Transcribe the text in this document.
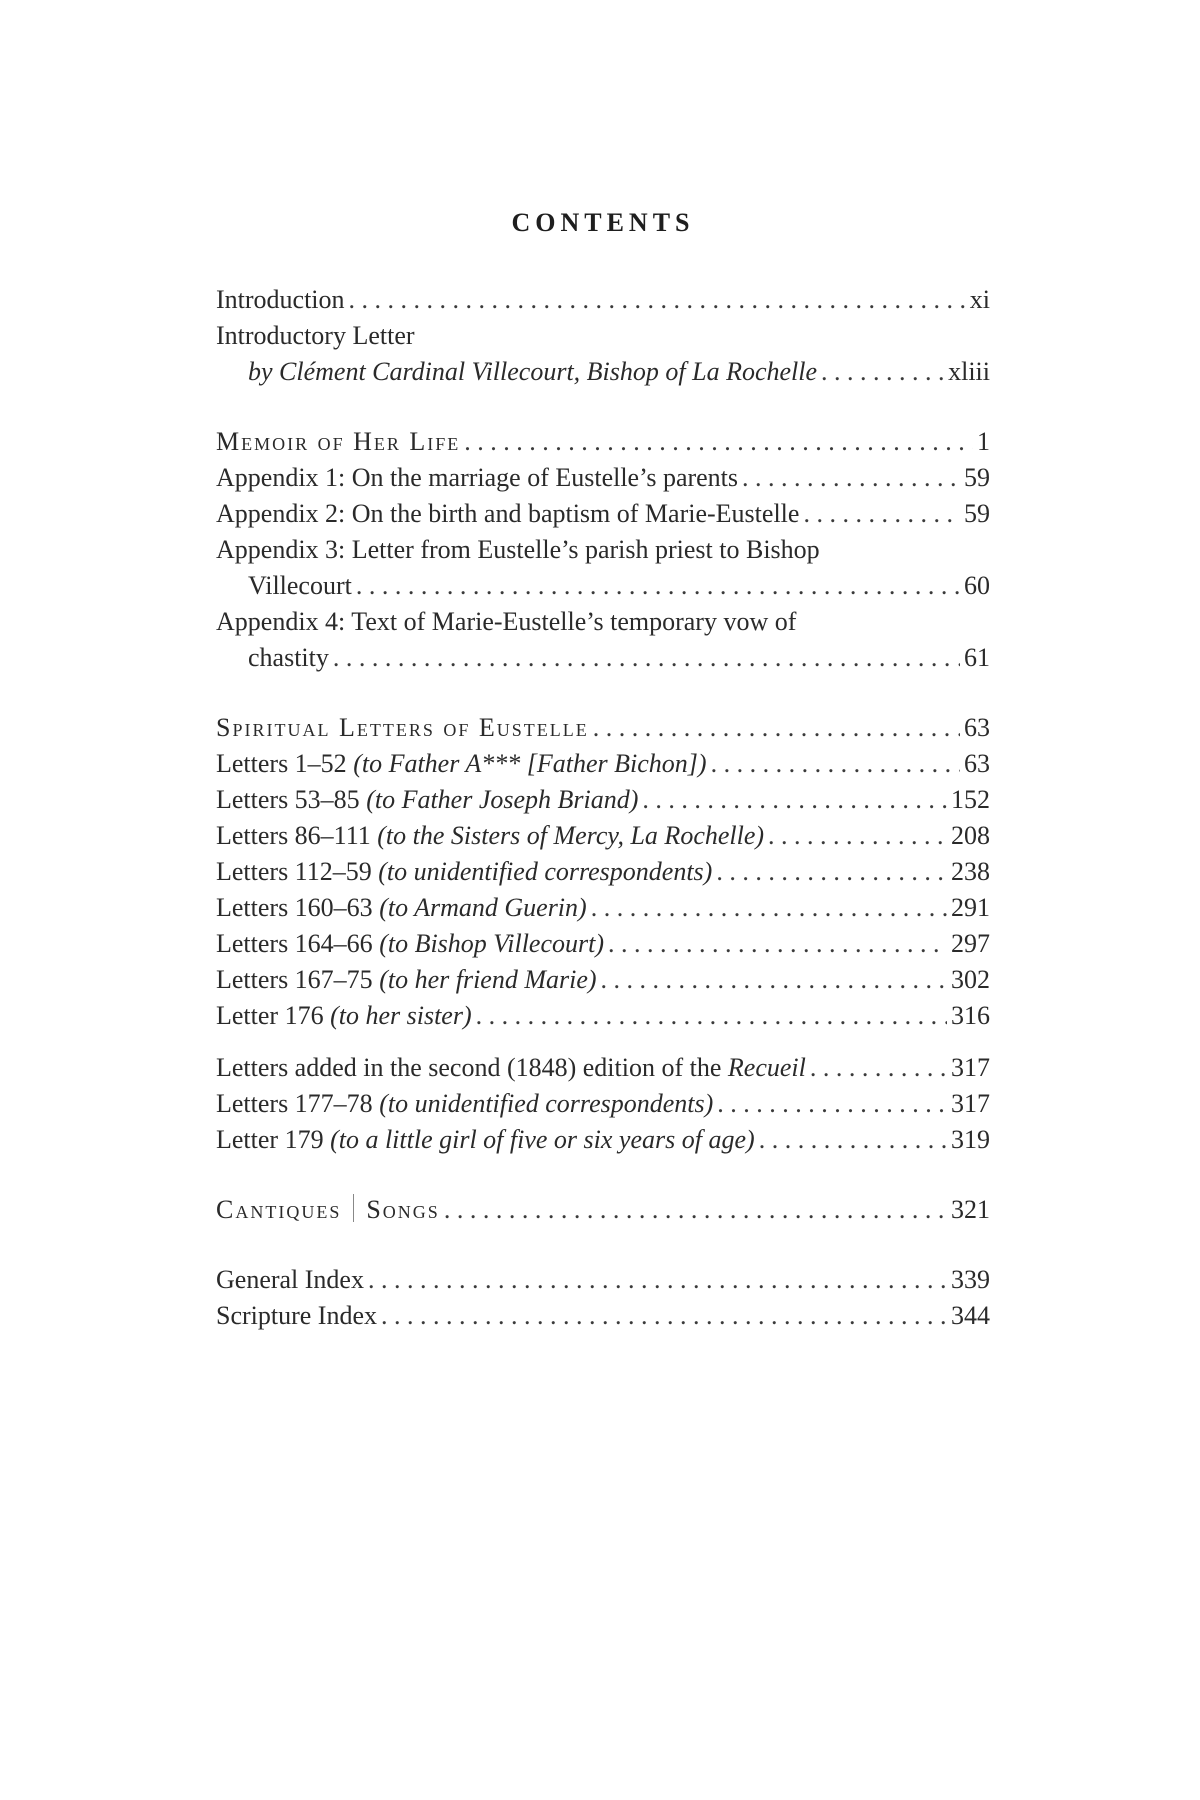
CONTENTS
Introduction . . .	xi
Introductory Letter
by Clément Cardinal Villecourt, Bishop of La Rochelle . . .	xliii
Memoir of Her Life . . .	1
Appendix 1: On the marriage of Eustelle’s parents . . .	59
Appendix 2: On the birth and baptism of Marie-Eustelle . . .	59
Appendix 3: Letter from Eustelle’s parish priest to Bishop
Villecourt . . .	60
Appendix 4: Text of Marie-Eustelle’s temporary vow of
chastity . . .	61
Spiritual Letters of Eustelle . . .	63
Letters 1–52 (to Father A*** [Father Bichon]) . . .	63
Letters 53–85 (to Father Joseph Briand) . . .	152
Letters 86–111 (to the Sisters of Mercy, La Rochelle) . . .	208
Letters 112–59 (to unidentified correspondents) . . .	238
Letters 160–63 (to Armand Guerin) . . .	291
Letters 164–66 (to Bishop Villecourt) . . .	297
Letters 167–75 (to her friend Marie) . . .	302
Letter 176 (to her sister) . . .	316
Letters added in the second (1848) edition of the Recueil . . .	317
Letters 177–78 (to unidentified correspondents) . . .	317
Letter 179 (to a little girl of five or six years of age) . . .	319
Cantiques Songs . . .	321
General Index . . .	339
Scripture Index . . .	344
